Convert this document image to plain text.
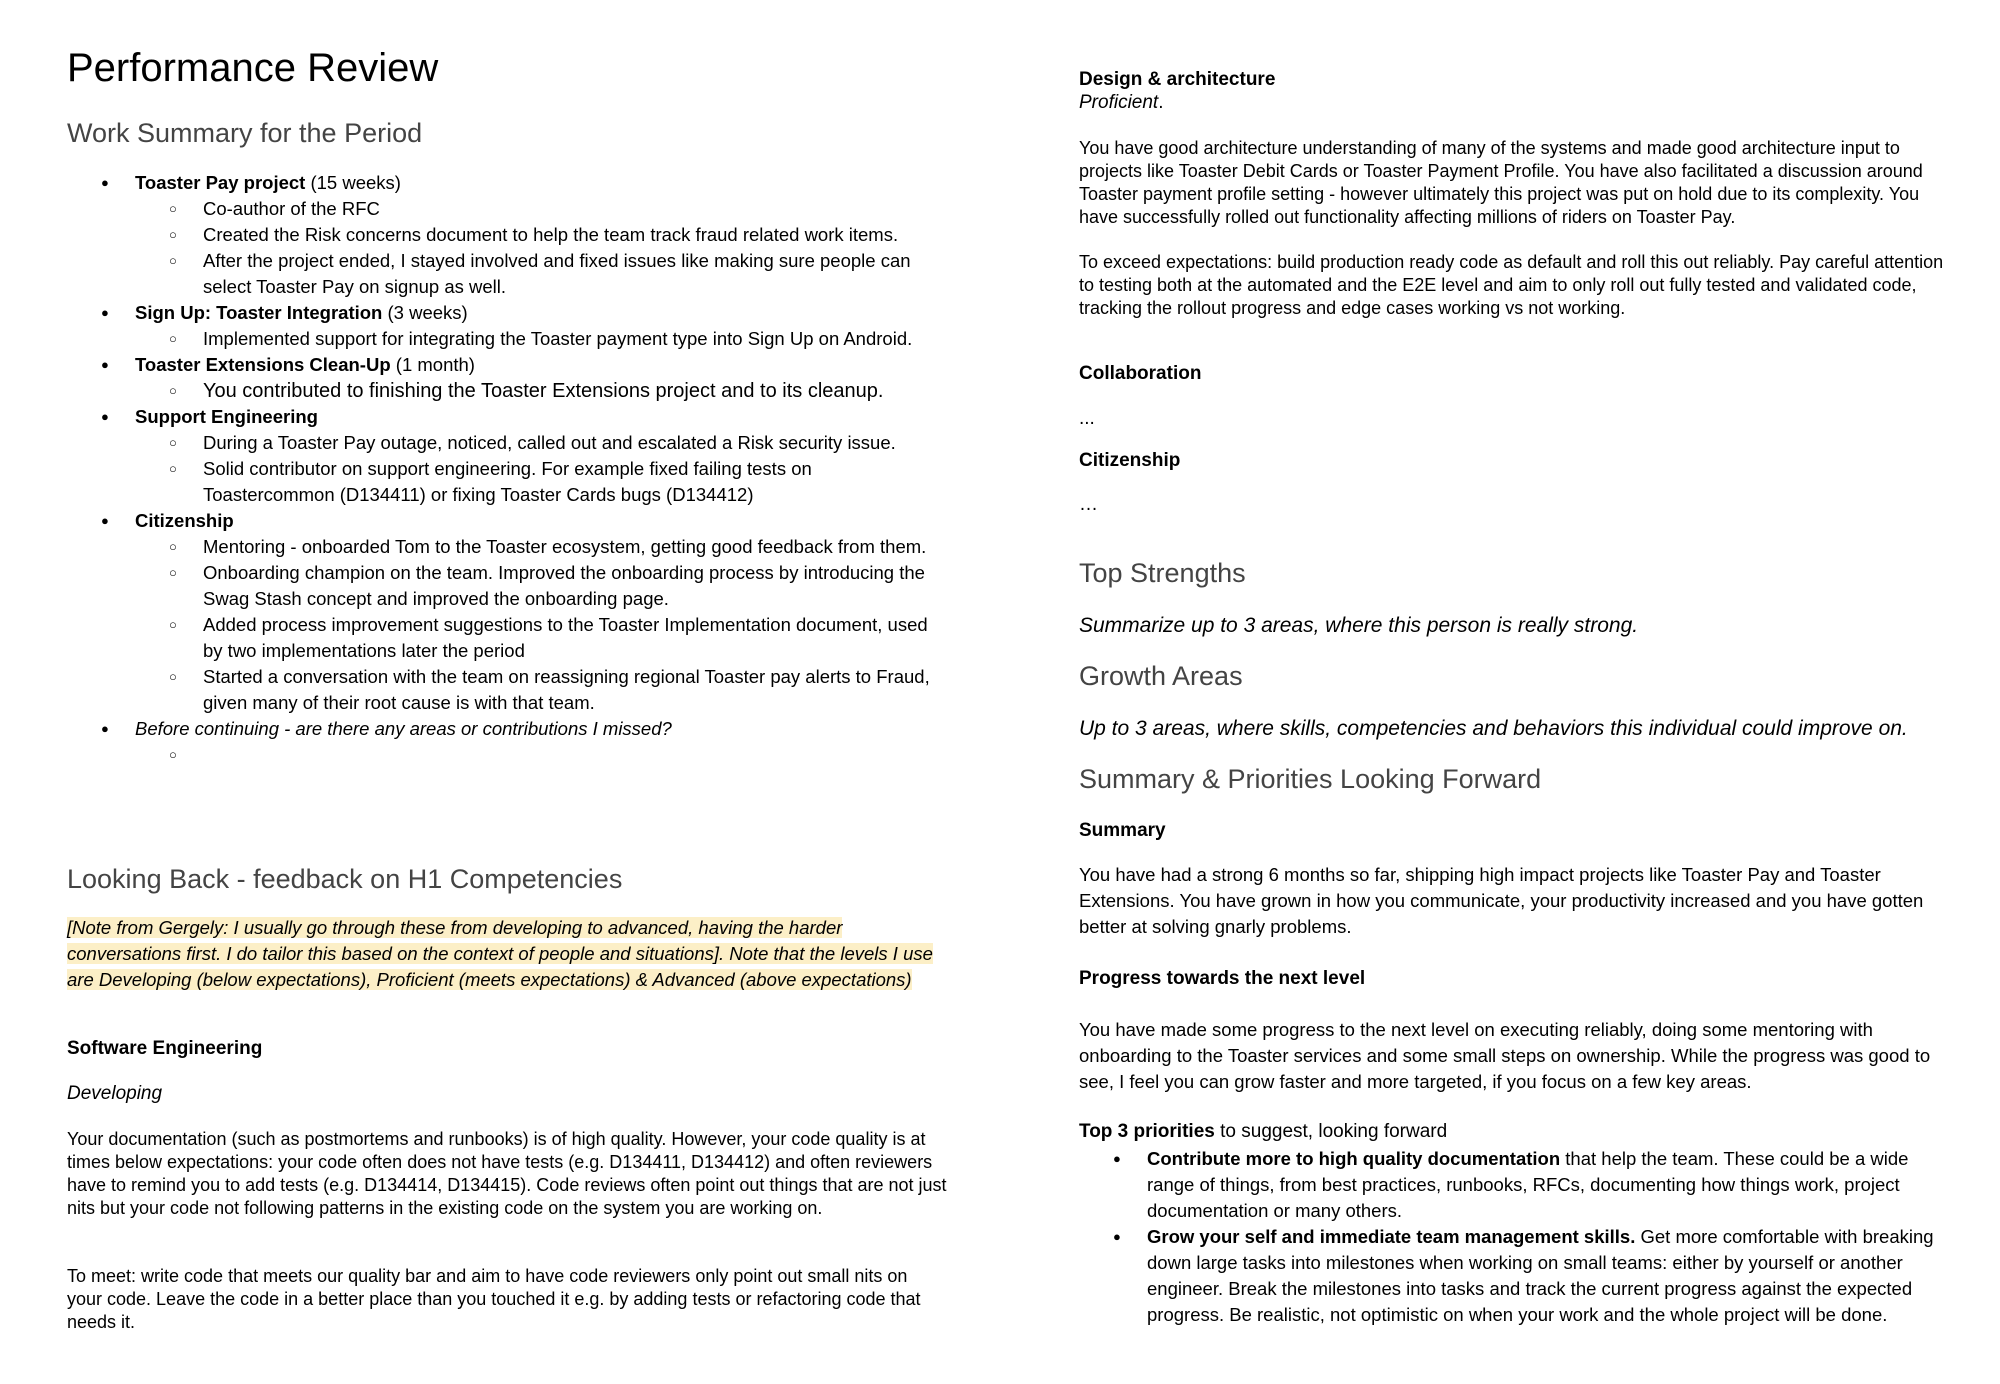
Performance Review
Work Summary for the Period
● Toaster Pay project (15 weeks)
○ Co-author of the RFC
○ Created the Risk concerns document to help the team track fraud related work items.
○ After the project ended, I stayed involved and fixed issues like making sure people can select Toaster Pay on signup as well.
● Sign Up: Toaster Integration (3 weeks)
○ Implemented support for integrating the Toaster payment type into Sign Up on Android.
● Toaster Extensions Clean-Up (1 month)
○ You contributed to finishing the Toaster Extensions project and to its cleanup.
● Support Engineering
○ During a Toaster Pay outage, noticed, called out and escalated a Risk security issue.
○ Solid contributor on support engineering. For example fixed failing tests on Toastercommon (D134411) or fixing Toaster Cards bugs (D134412)
● Citizenship
○ Mentoring - onboarded Tom to the Toaster ecosystem, getting good feedback from them.
○ Onboarding champion on the team. Improved the onboarding process by introducing the Swag Stash concept and improved the onboarding page.
○ Added process improvement suggestions to the Toaster Implementation document, used by two implementations later the period
○ Started a conversation with the team on reassigning regional Toaster pay alerts to Fraud, given many of their root cause is with that team.
● Before continuing - are there any areas or contributions I missed?
○
Looking Back - feedback on H1 Competencies
[Note from Gergely: I usually go through these from developing to advanced, having the harder conversations first. I do tailor this based on the context of people and situations]. Note that the levels I use are Developing (below expectations), Proficient (meets expectations) & Advanced (above expectations)
Software Engineering
Developing
Your documentation (such as postmortems and runbooks) is of high quality. However, your code quality is at times below expectations: your code often does not have tests (e.g. D134411, D134412) and often reviewers have to remind you to add tests (e.g. D134414, D134415). Code reviews often point out things that are not just nits but your code not following patterns in the existing code on the system you are working on.
To meet: write code that meets our quality bar and aim to have code reviewers only point out small nits on your code. Leave the code in a better place than you touched it e.g. by adding tests or refactoring code that needs it.
Design & architecture
Proficient.
You have good architecture understanding of many of the systems and made good architecture input to projects like Toaster Debit Cards or Toaster Payment Profile. You have also facilitated a discussion around Toaster payment profile setting - however ultimately this project was put on hold due to its complexity. You have successfully rolled out functionality affecting millions of riders on Toaster Pay.
To exceed expectations: build production ready code as default and roll this out reliably. Pay careful attention to testing both at the automated and the E2E level and aim to only roll out fully tested and validated code, tracking the rollout progress and edge cases working vs not working.
Collaboration
...
Citizenship
…
Top Strengths
Summarize up to 3 areas, where this person is really strong.
Growth Areas
Up to 3 areas, where skills, competencies and behaviors this individual could improve on.
Summary & Priorities Looking Forward
Summary
You have had a strong 6 months so far, shipping high impact projects like Toaster Pay and Toaster Extensions. You have grown in how you communicate, your productivity increased and you have gotten better at solving gnarly problems.
Progress towards the next level
You have made some progress to the next level on executing reliably, doing some mentoring with onboarding to the Toaster services and some small steps on ownership. While the progress was good to see, I feel you can grow faster and more targeted, if you focus on a few key areas.
Top 3 priorities to suggest, looking forward
● Contribute more to high quality documentation that help the team. These could be a wide range of things, from best practices, runbooks, RFCs, documenting how things work, project documentation or many others.
● Grow your self and immediate team management skills. Get more comfortable with breaking down large tasks into milestones when working on small teams: either by yourself or another engineer. Break the milestones into tasks and track the current progress against the expected progress. Be realistic, not optimistic on when your work and the whole project will be done.
